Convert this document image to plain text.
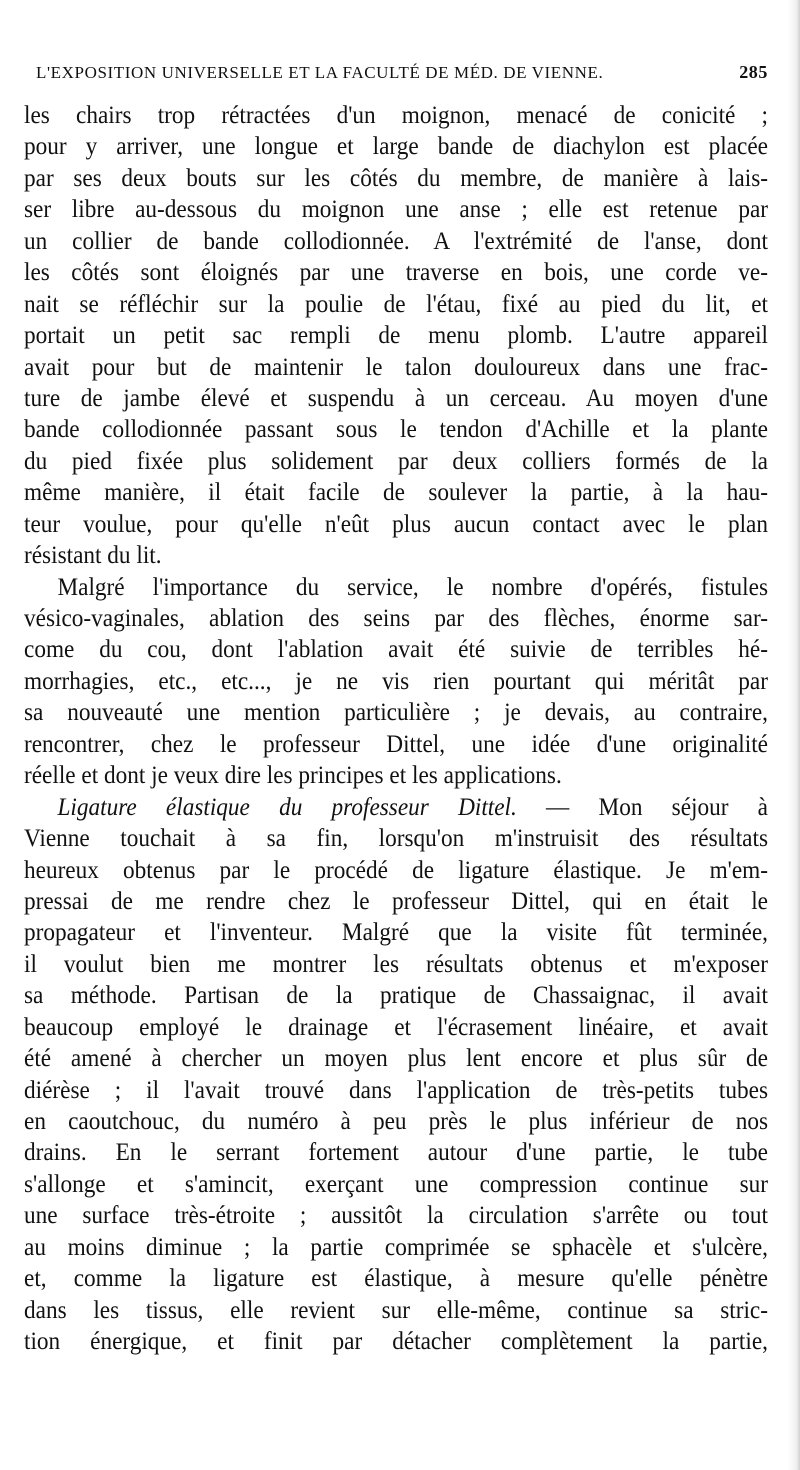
L'EXPOSITION UNIVERSELLE ET LA FACULTÉ DE MÉD. DE VIENNE.	285
les chairs trop rétractées d'un moignon, menacé de conicité ;
pour y arriver, une longue et large bande de diachylon est placée
par ses deux bouts sur les côtés du membre, de manière à lais-
ser libre au-dessous du moignon une anse ; elle est retenue par
un collier de bande collodionnée. A l'extrémité de l'anse, dont
les côtés sont éloignés par une traverse en bois, une corde ve-
nait se réfléchir sur la poulie de l'étau, fixé au pied du lit, et
portait un petit sac rempli de menu plomb. L'autre appareil
avait pour but de maintenir le talon douloureux dans une frac-
ture de jambe élevé et suspendu à un cerceau. Au moyen d'une
bande collodionnée passant sous le tendon d'Achille et la plante
du pied fixée plus solidement par deux colliers formés de la
même manière, il était facile de soulever la partie, à la hau-
teur voulue, pour qu'elle n'eût plus aucun contact avec le plan
résistant du lit.
Malgré l'importance du service, le nombre d'opérés, fistules
vésico-vaginales, ablation des seins par des flèches, énorme sar-
come du cou, dont l'ablation avait été suivie de terribles hé-
morrhagies, etc., etc..., je ne vis rien pourtant qui méritât par
sa nouveauté une mention particulière ; je devais, au contraire,
rencontrer, chez le professeur Dittel, une idée d'une originalité
réelle et dont je veux dire les principes et les applications.
Ligature élastique du professeur Dittel. — Mon séjour à
Vienne touchait à sa fin, lorsqu'on m'instruisit des résultats
heureux obtenus par le procédé de ligature élastique. Je m'em-
pressai de me rendre chez le professeur Dittel, qui en était le
propagateur et l'inventeur. Malgré que la visite fût terminée,
il voulut bien me montrer les résultats obtenus et m'exposer
sa méthode. Partisan de la pratique de Chassaignac, il avait
beaucoup employé le drainage et l'écrasement linéaire, et avait
été amené à chercher un moyen plus lent encore et plus sûr de
diérèse ; il l'avait trouvé dans l'application de très-petits tubes
en caoutchouc, du numéro à peu près le plus inférieur de nos
drains. En le serrant fortement autour d'une partie, le tube
s'allonge et s'amincit, exerçant une compression continue sur
une surface très-étroite ; aussitôt la circulation s'arrête ou tout
au moins diminue ; la partie comprimée se sphacèle et s'ulcère,
et, comme la ligature est élastique, à mesure qu'elle pénètre
dans les tissus, elle revient sur elle-même, continue sa stric-
tion énergique, et finit par détacher complètement la partie,
